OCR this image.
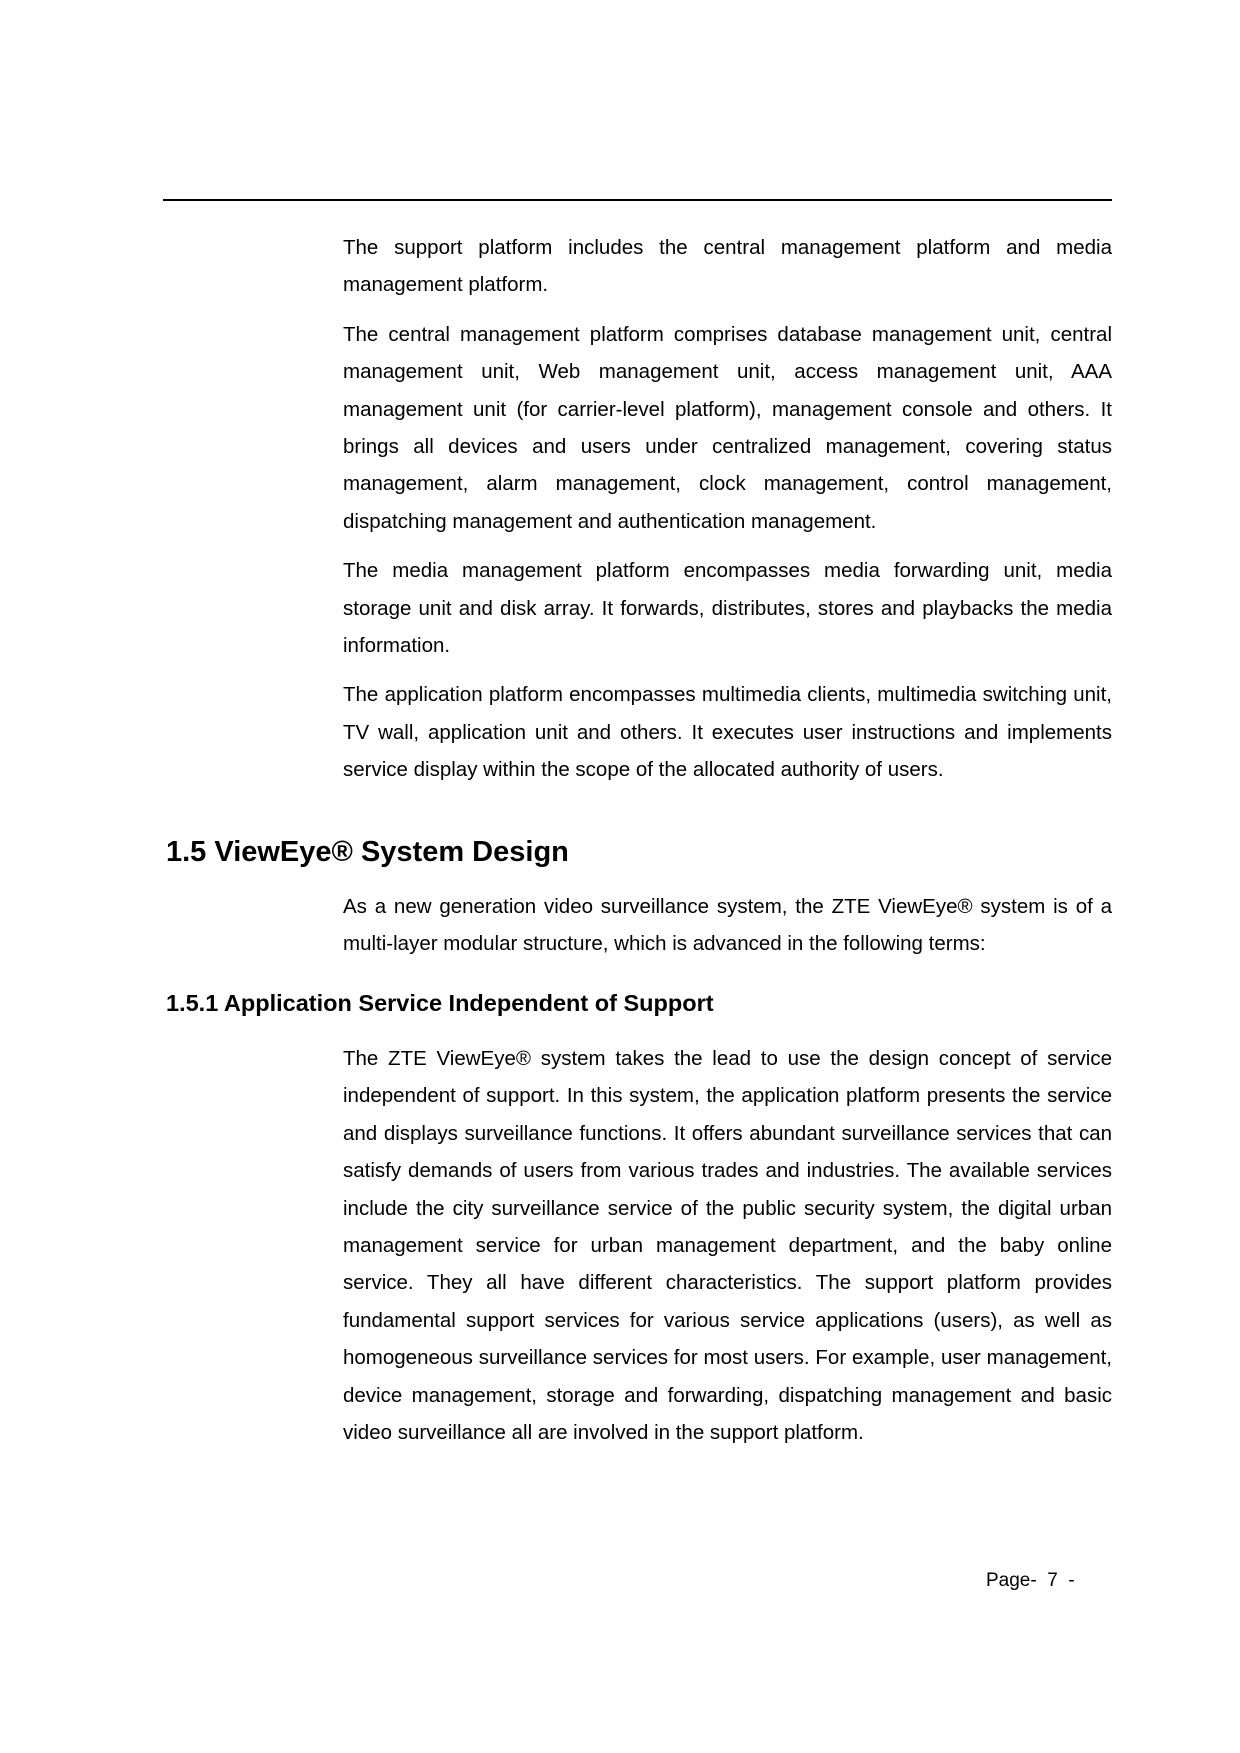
The support platform includes the central management platform and media management platform.

The central management platform comprises database management unit, central management unit, Web management unit, access management unit, AAA management unit (for carrier-level platform), management console and others. It brings all devices and users under centralized management, covering status management, alarm management, clock management, control management, dispatching management and authentication management.

The media management platform encompasses media forwarding unit, media storage unit and disk array. It forwards, distributes, stores and playbacks the media information.

The application platform encompasses multimedia clients, multimedia switching unit, TV wall, application unit and others. It executes user instructions and implements service display within the scope of the allocated authority of users.

1.5 ViewEye® System Design

As a new generation video surveillance system, the ZTE ViewEye® system is of a multi-layer modular structure, which is advanced in the following terms:

1.5.1 Application Service Independent of Support

The ZTE ViewEye® system takes the lead to use the design concept of service independent of support. In this system, the application platform presents the service and displays surveillance functions. It offers abundant surveillance services that can satisfy demands of users from various trades and industries. The available services include the city surveillance service of the public security system, the digital urban management service for urban management department, and the baby online service. They all have different characteristics. The support platform provides fundamental support services for various service applications (users), as well as homogeneous surveillance services for most users. For example, user management, device management, storage and forwarding, dispatching management and basic video surveillance all are involved in the support platform.

Page-  7  -
